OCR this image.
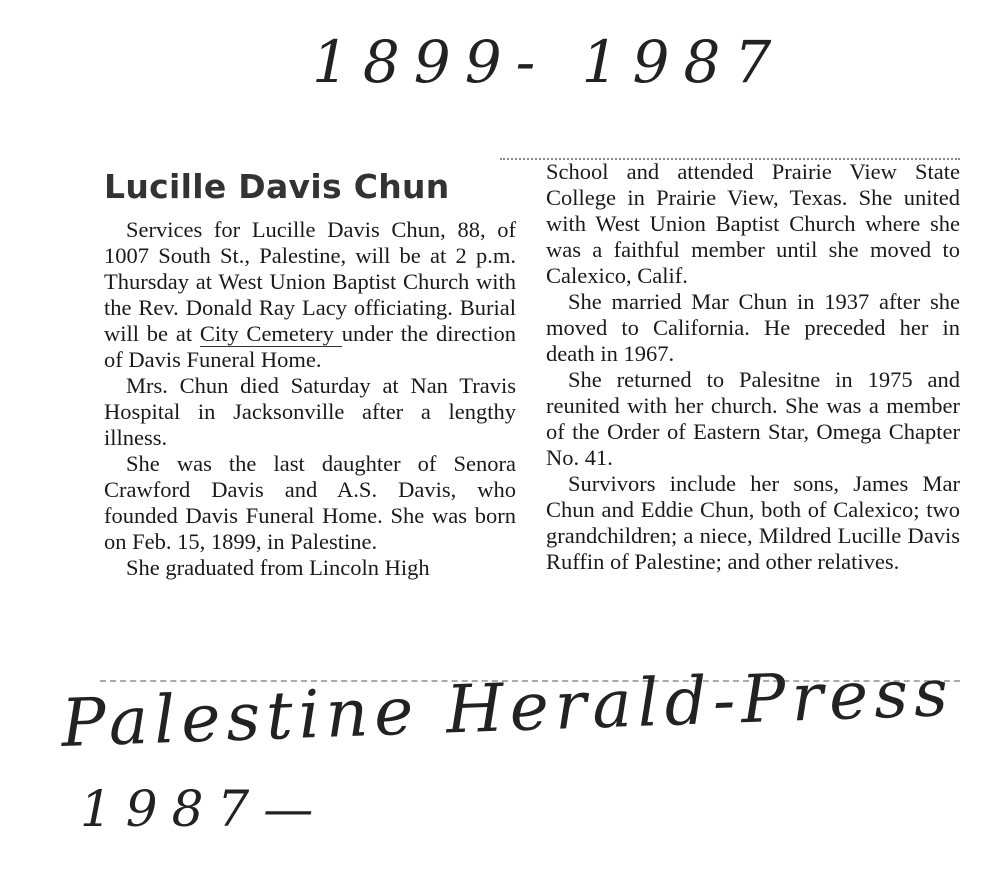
1899- 1987
Lucille Davis Chun

Services for Lucille Davis Chun, 88, of 1007 South St., Palestine, will be at 2 p.m. Thursday at West Union Baptist Church with the Rev. Donald Ray Lacy officiating. Burial will be at City Cemetery under the direction of Davis Funeral Home.

Mrs. Chun died Saturday at Nan Travis Hospital in Jacksonville after a lengthy illness.

She was the last daughter of Senora Crawford Davis and A.S. Davis, who founded Davis Funeral Home. She was born on Feb. 15, 1899, in Palestine.

She graduated from Lincoln High

School and attended Prairie View State College in Prairie View, Texas. She united with West Union Baptist Church where she was a faithful member until she moved to Calexico, Calif.

She married Mar Chun in 1937 after she moved to California. He preceded her in death in 1967.

She returned to Palesitne in 1975 and reunited with her church. She was a member of the Order of Eastern Star, Omega Chapter No. 41.

Survivors include her sons, James Mar Chun and Eddie Chun, both of Calexico; two grandchildren; a niece, Mildred Lucille Davis Ruffin of Palestine; and other relatives.

Palestine Herald-Press
1987—
